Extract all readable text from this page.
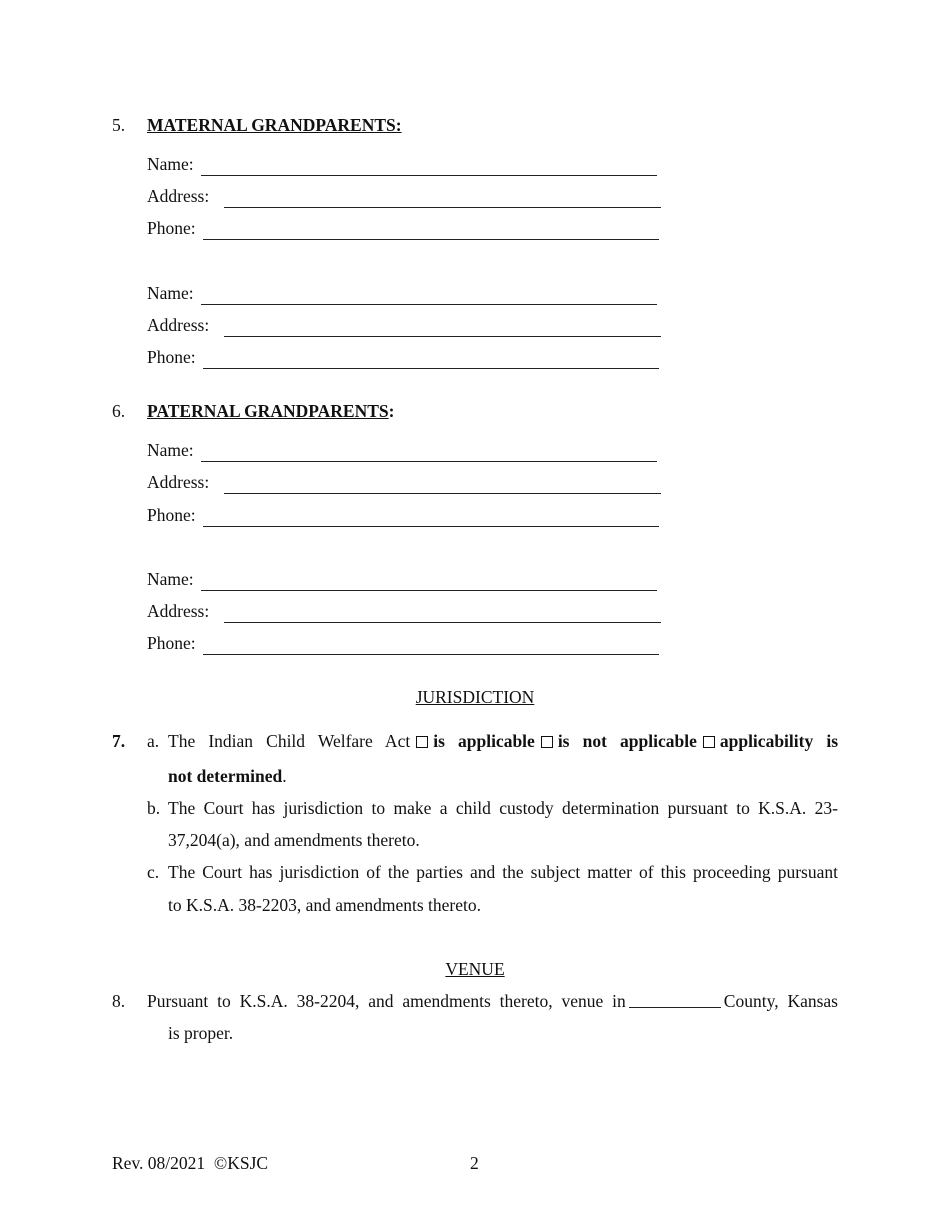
5. MATERNAL GRANDPARENTS:
Name:
Address:
Phone:
Name:
Address:
Phone:
6. PATERNAL GRANDPARENTS:
Name:
Address:
Phone:
Name:
Address:
Phone:
JURISDICTION
7. a. The Indian Child Welfare Act is applicable is not applicable applicability is
not determined.
b. The Court has jurisdiction to make a child custody determination pursuant to K.S.A. 23-
37,204(a), and amendments thereto.
c. The Court has jurisdiction of the parties and the subject matter of this proceeding pursuant
to K.S.A. 38-2203, and amendments thereto.
VENUE
8. Pursuant to K.S.A. 38-2204, and amendments thereto, venue in	County, Kansas
is proper.
Rev. 08/2021  ©KSJC	2
